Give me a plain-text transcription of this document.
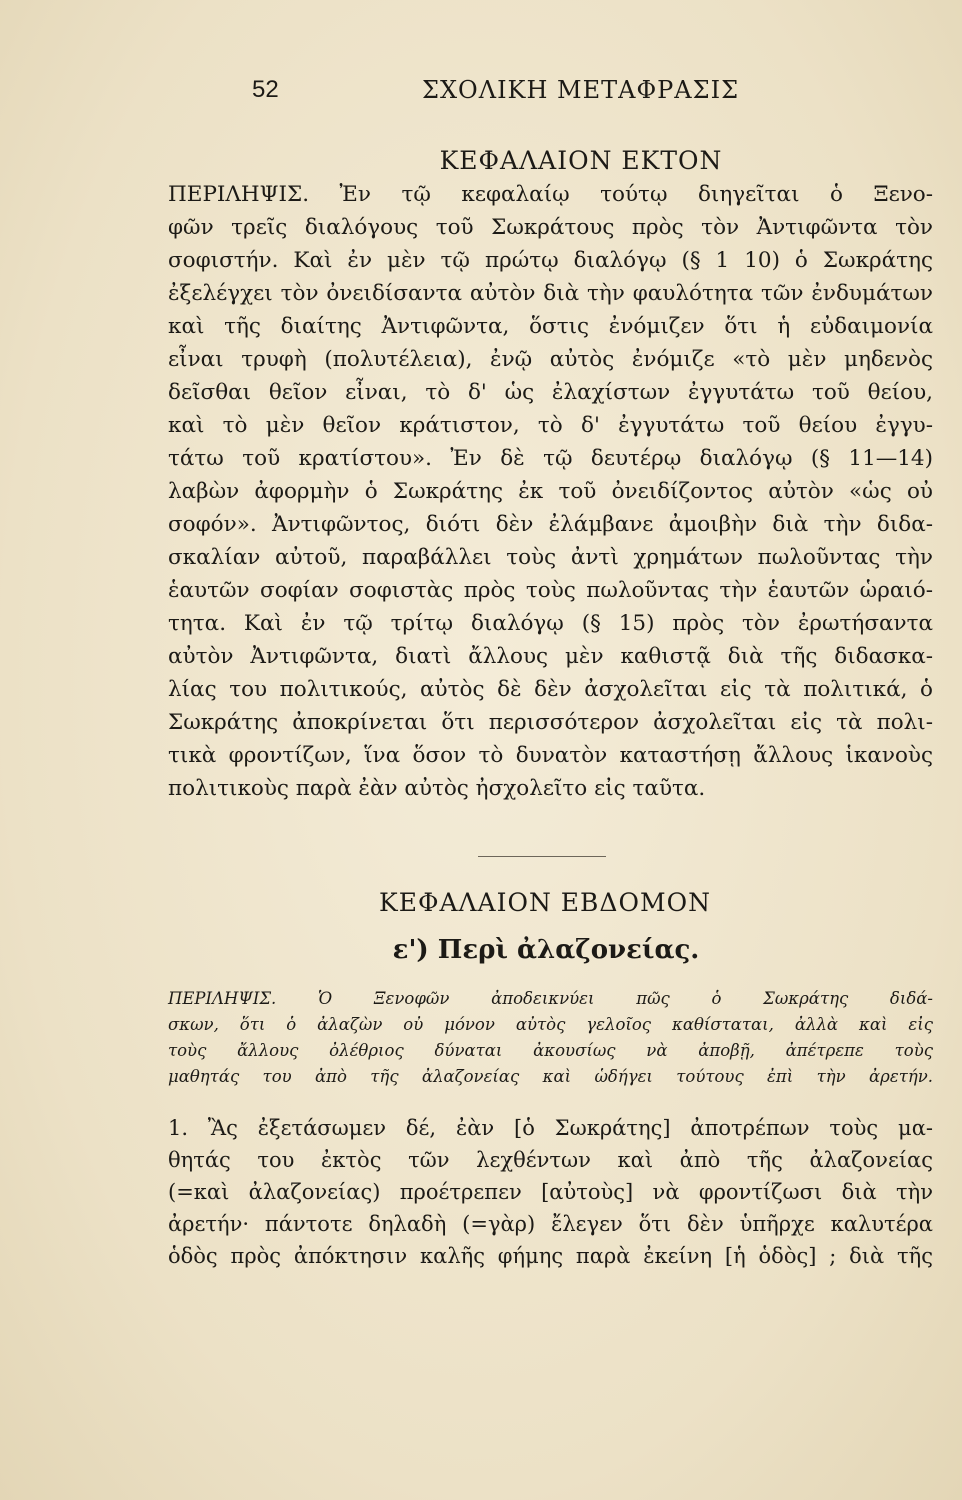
52	ΣΧΟΛΙΚΗ ΜΕΤΑΦΡΑΣΙΣ
ΚΕΦΑΛΑΙΟΝ ΕΚΤΟΝ
ΠΕΡΙΛΗΨΙΣ. Ἐν τῷ κεφαλαίῳ τούτῳ διηγεῖται ὁ Ξενο-
φῶν τρεῖς διαλόγους τοῦ Σωκράτους πρὸς τὸν Ἀντιφῶντα τὸν
σοφιστήν. Καὶ ἐν μὲν τῷ πρώτῳ διαλόγῳ (§ 1 10) ὁ Σωκράτης
ἐξελέγχει τὸν ὀνειδίσαντα αὐτὸν διὰ τὴν φαυλότητα τῶν ἐνδυμάτων
καὶ τῆς διαίτης Ἀντιφῶντα, ὅστις ἐνόμιζεν ὅτι ἡ εὐδαιμονία
εἶναι τρυφὴ (πολυτέλεια), ἐνῷ αὐτὸς ἐνόμιζε «τὸ μὲν μηδενὸς
δεῖσθαι θεῖον εἶναι, τὸ δ' ὡς ἐλαχίστων ἐγγυτάτω τοῦ θείου,
καὶ τὸ μὲν θεῖον κράτιστον, τὸ δ' ἐγγυτάτω τοῦ θείου ἐγγυ-
τάτω τοῦ κρατίστου». Ἐν δὲ τῷ δευτέρῳ διαλόγῳ (§ 11—14)
λαβὼν ἀφορμὴν ὁ Σωκράτης ἐκ τοῦ ὀνειδίζοντος αὐτὸν «ὡς οὐ
σοφόν». Ἀντιφῶντος, διότι δὲν ἐλάμβανε ἀμοιβὴν διὰ τὴν διδα-
σκαλίαν αὐτοῦ, παραβάλλει τοὺς ἀντὶ χρημάτων πωλοῦντας τὴν
ἑαυτῶν σοφίαν σοφιστὰς πρὸς τοὺς πωλοῦντας τὴν ἑαυτῶν ὡραιό-
τητα. Καὶ ἐν τῷ τρίτῳ διαλόγῳ (§ 15) πρὸς τὸν ἐρωτήσαντα
αὐτὸν Ἀντιφῶντα, διατὶ ἄλλους μὲν καθιστᾷ διὰ τῆς διδασκα-
λίας του πολιτικούς, αὐτὸς δὲ δὲν ἀσχολεῖται εἰς τὰ πολιτικά, ὁ
Σωκράτης ἀποκρίνεται ὅτι περισσότερον ἀσχολεῖται εἰς τὰ πολι-
τικὰ φροντίζων, ἵνα ὅσον τὸ δυνατὸν καταστήσῃ ἄλλους ἱκανοὺς
πολιτικοὺς παρὰ ἐὰν αὐτὸς ἠσχολεῖτο εἰς ταῦτα.
ΚΕΦΑΛΑΙΟΝ ΕΒΔΟΜΟΝ
ε') Περὶ ἀλαζονείας.
ΠΕΡΙΛΗΨΙΣ. Ὁ Ξενοφῶν ἀποδεικνύει πῶς ὁ Σωκράτης διδά-
σκων, ὅτι ὁ ἀλαζὼν οὐ μόνον αὐτὸς γελοῖος καθίσταται, ἀλλὰ καὶ εἰς
τοὺς ἄλλους ὀλέθριος δύναται ἀκουσίως νὰ ἀποβῇ, ἀπέτρεπε τοὺς
μαθητάς του ἀπὸ τῆς ἀλαζονείας καὶ ὡδήγει τούτους ἐπὶ τὴν ἀρετήν.
1. Ἂς ἐξετάσωμεν δέ, ἐὰν [ὁ Σωκράτης] ἀποτρέπων τοὺς μα-
θητάς του ἐκτὸς τῶν λεχθέντων καὶ ἀπὸ τῆς ἀλαζονείας
(=καὶ ἀλαζονείας) προέτρεπεν [αὐτοὺς] νὰ φροντίζωσι διὰ τὴν
ἀρετήν· πάντοτε δηλαδὴ (=γὰρ) ἔλεγεν ὅτι δὲν ὑπῆρχε καλυτέρα
ὁδὸς πρὸς ἀπόκτησιν καλῆς φήμης παρὰ ἐκείνη [ἡ ὁδὸς] ; διὰ τῆς
